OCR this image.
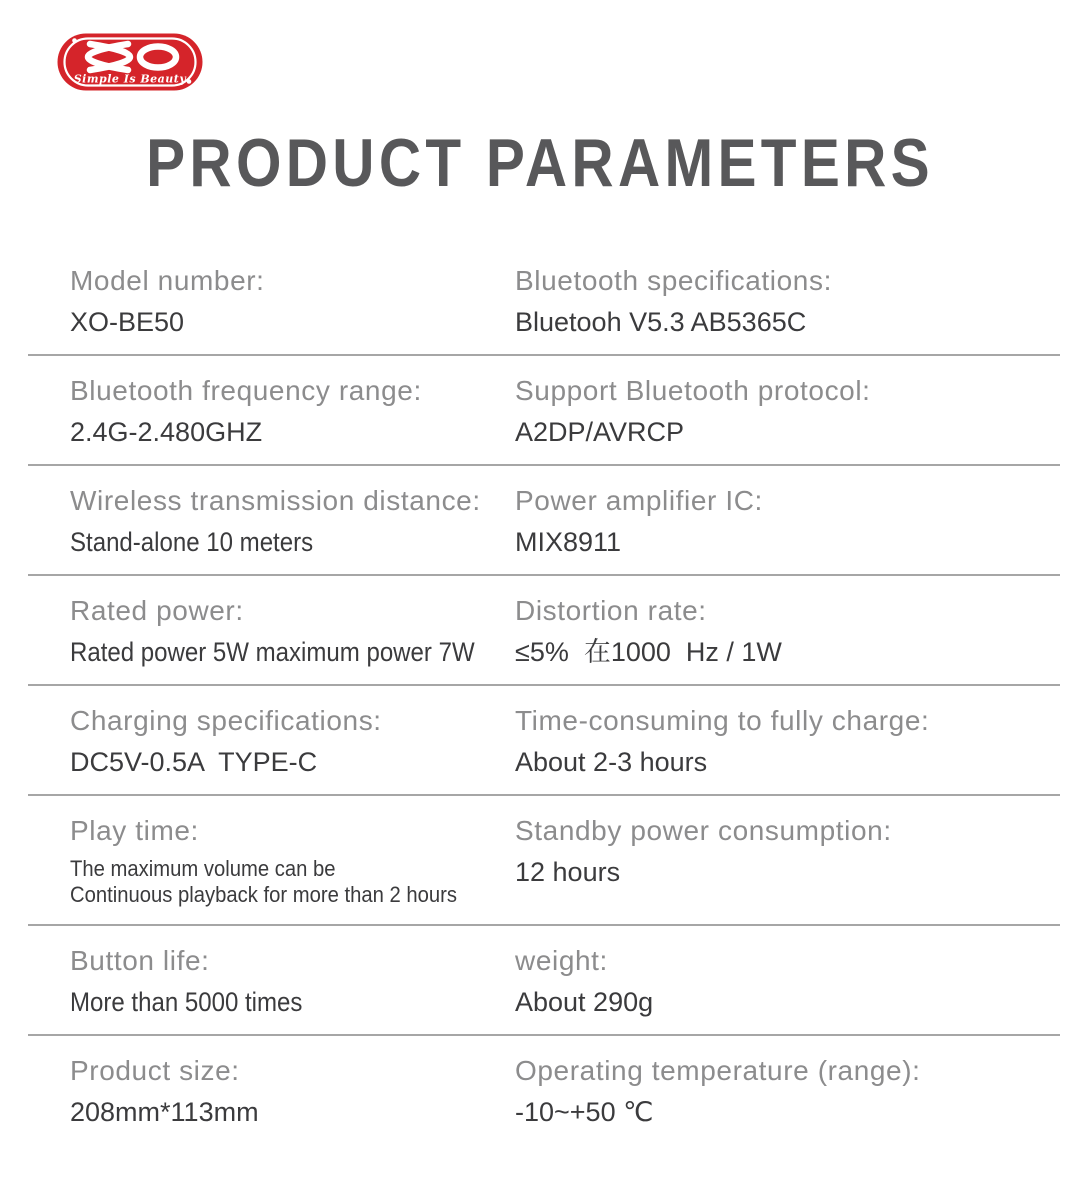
Simple Is Beauty
PRODUCT PARAMETERS
Model number:
XO-BE50
Bluetooth specifications:
Bluetooh V5.3 AB5365C
Bluetooth frequency range:
2.4G-2.480GHZ
Support Bluetooth protocol:
A2DP/AVRCP
Wireless transmission distance:
Stand-alone 10 meters
Power amplifier IC:
MIX8911
Rated power:
Rated power 5W maximum power 7W
Distortion rate:
≤5%  在1000  Hz / 1W
Charging specifications:
DC5V-0.5A  TYPE-C
Time-consuming to fully charge:
About 2-3 hours
Play time:
The maximum volume can be
Continuous playback for more than 2 hours
Standby power consumption:
12 hours
Button life:
More than 5000 times
weight:
About 290g
Product size:
208mm*113mm
Operating temperature (range):
-10~+50 ℃
